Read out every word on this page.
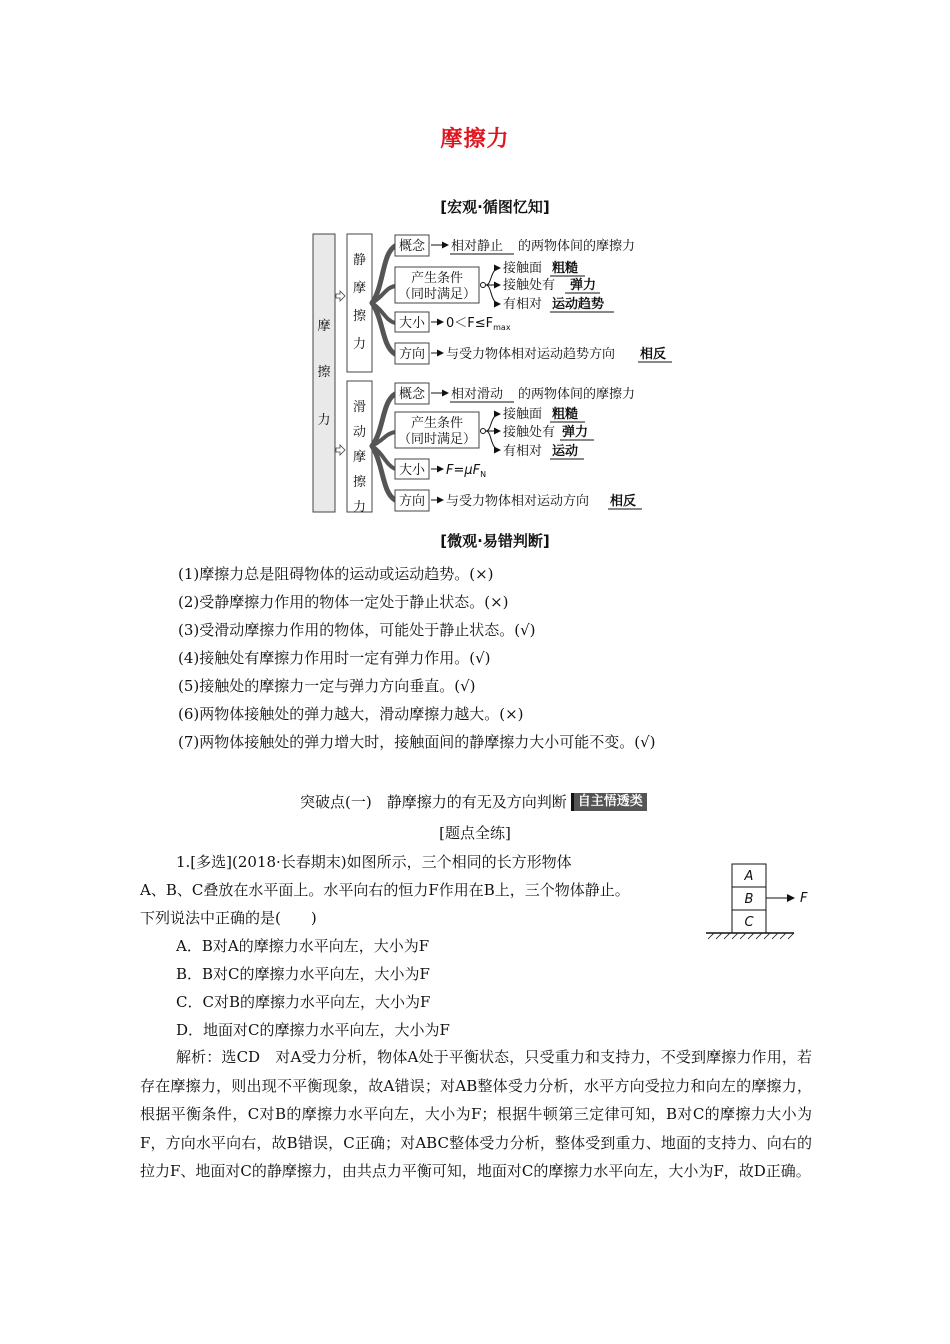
摩擦力
[宏观·循图忆知]
摩
擦
力
静
摩
擦
力
滑
动
摩
擦
力
概念 相对静止 的两物体间的摩擦力
产生条件
（同时满足）
接触面 粗糙
接触处有 弹力
有相对 运动趋势
大小 $0<F\le F_{max}$
方向 与受力物体相对运动趋势方向 相反
概念 相对滑动 的两物体间的摩擦力
产生条件
（同时满足）
接触面 粗糙
接触处有 弹力
有相对 运动
大小 $F=\mu F_N$
方向 与受力物体相对运动方向 相反
[微观·易错判断]
(1)摩擦力总是阻碍物体的运动或运动趋势。(×)
(2)受静摩擦力作用的物体一定处于静止状态。(×)
(3)受滑动摩擦力作用的物体，可能处于静止状态。(√)
(4)接触处有摩擦力作用时一定有弹力作用。(√)
(5)接触处的摩擦力一定与弹力方向垂直。(√)
(6)两物体接触处的弹力越大，滑动摩擦力越大。(×)
(7)两物体接触处的弹力增大时，接触面间的静摩擦力大小可能不变。(√)
突破点(一)　静摩擦力的有无及方向判断 自主悟透类
[题点全练]
1.[多选](2018·长春期末)如图所示，三个相同的长方形物体
A、B、C叠放在水平面上。水平向右的恒力F作用在B上，三个物体静止。
下列说法中正确的是(　　)
A
B
C
F
A．B对A的摩擦力水平向左，大小为F
B．B对C的摩擦力水平向左，大小为F
C．C对B的摩擦力水平向左，大小为F
D．地面对C的摩擦力水平向左，大小为F
解析：选CD　对A受力分析，物体A处于平衡状态，只受重力和支持力，不受到摩擦力作用，若存在摩擦力，则出现不平衡现象，故A错误；对AB整体受力分析，水平方向受拉力和向左的摩擦力，根据平衡条件，C对B的摩擦力水平向左，大小为F；根据牛顿第三定律可知，B对C的摩擦力大小为F，方向水平向右，故B错误，C正确；对ABC整体受力分析，整体受到重力、地面的支持力、向右的拉力F、地面对C的静摩擦力，由共点力平衡可知，地面对C的摩擦力水平向左，大小为F，故D正确。
